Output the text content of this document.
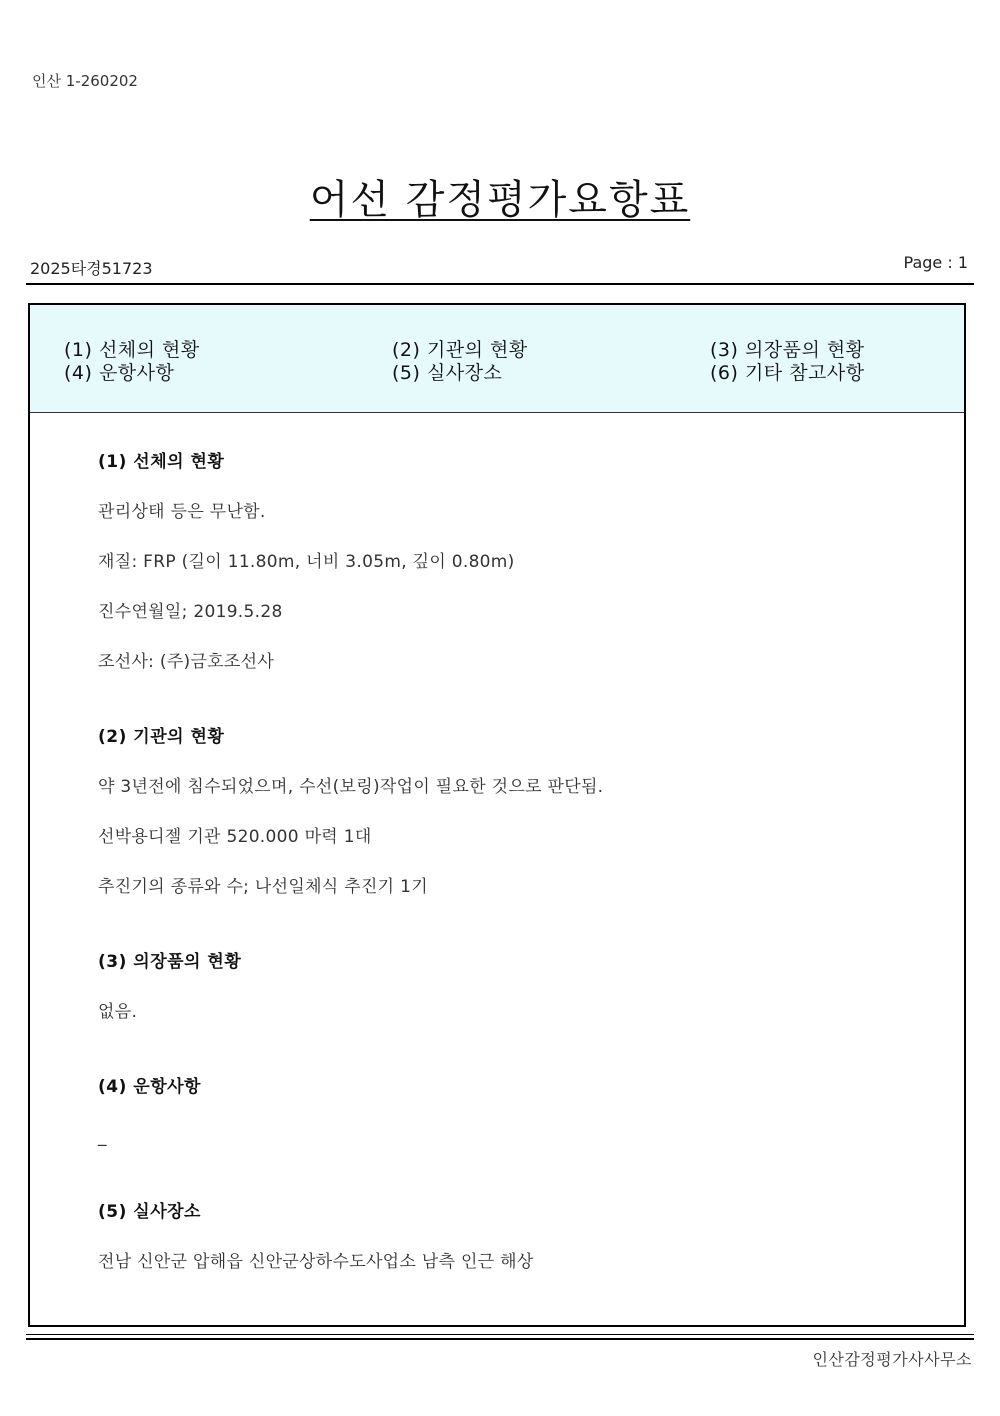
인산 1-260202
어선 감정평가요항표
2025타경51723	Page : 1
(1) 선체의 현황	(2) 기관의 현황	(3) 의장품의 현황
(4) 운항사항	(5) 실사장소	(6) 기타 참고사항
(1) 선체의 현황
관리상태 등은 무난함.
재질: FRP (길이 11.80m, 너비 3.05m, 깊이 0.80m)
진수연월일; 2019.5.28
조선사: (주)금호조선사
(2) 기관의 현황
약 3년전에 침수되었으며, 수선(보링)작업이 필요한 것으로 판단됨.
선박용디젤 기관 520.000 마력 1대
추진기의 종류와 수; 나선일체식 추진기 1기
(3) 의장품의 현황
없음.
(4) 운항사항
_
(5) 실사장소
전남 신안군 압해읍 신안군상하수도사업소 남측 인근 해상
인산감정평가사사무소
